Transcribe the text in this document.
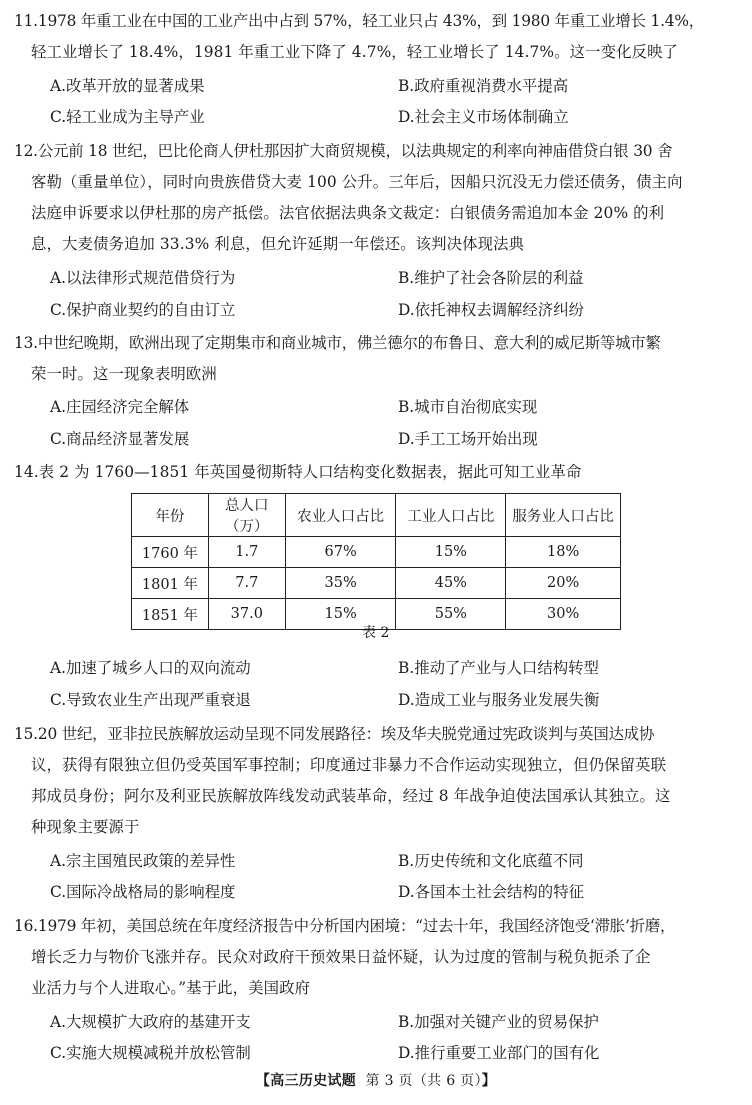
11.1978 年重工业在中国的工业产出中占到 57%，轻工业只占 43%，到 1980 年重工业增长 1.4%，
轻工业增长了 18.4%，1981 年重工业下降了 4.7%，轻工业增长了 14.7%。这一变化反映了
A.改革开放的显著成果	B.政府重视消费水平提高
C.轻工业成为主导产业	D.社会主义市场体制确立
12.公元前 18 世纪，巴比伦商人伊杜那因扩大商贸规模，以法典规定的利率向神庙借贷白银 30 舍
客勒（重量单位），同时向贵族借贷大麦 100 公升。三年后，因船只沉没无力偿还债务，债主向
法庭申诉要求以伊杜那的房产抵偿。法官依据法典条文裁定：白银债务需追加本金 20% 的利
息，大麦债务追加 33.3% 利息，但允许延期一年偿还。该判决体现法典
A.以法律形式规范借贷行为	B.维护了社会各阶层的利益
C.保护商业契约的自由订立	D.依托神权去调解经济纠纷
13.中世纪晚期，欧洲出现了定期集市和商业城市，佛兰德尔的布鲁日、意大利的威尼斯等城市繁
荣一时。这一现象表明欧洲
A.庄园经济完全解体	B.城市自治彻底实现
C.商品经济显著发展	D.手工工场开始出现
14.表 2 为 1760—1851 年英国曼彻斯特人口结构变化数据表，据此可知工业革命
年份	总人口（万）	农业人口占比	工业人口占比	服务业人口占比
1760 年	1.7	67%	15%	18%
1801 年	7.7	35%	45%	20%
1851 年	37.0	15%	55%	30%
表 2
A.加速了城乡人口的双向流动	B.推动了产业与人口结构转型
C.导致农业生产出现严重衰退	D.造成工业与服务业发展失衡
15.20 世纪，亚非拉民族解放运动呈现不同发展路径：埃及华夫脱党通过宪政谈判与英国达成协
议，获得有限独立但仍受英国军事控制；印度通过非暴力不合作运动实现独立，但仍保留英联
邦成员身份；阿尔及利亚民族解放阵线发动武装革命，经过 8 年战争迫使法国承认其独立。这
种现象主要源于
A.宗主国殖民政策的差异性	B.历史传统和文化底蕴不同
C.国际冷战格局的影响程度	D.各国本土社会结构的特征
16.1979 年初，美国总统在年度经济报告中分析国内困境：“过去十年，我国经济饱受‘滞胀’折磨，
增长乏力与物价飞涨并存。民众对政府干预效果日益怀疑，认为过度的管制与税负扼杀了企
业活力与个人进取心。”基于此，美国政府
A.大规模扩大政府的基建开支	B.加强对关键产业的贸易保护
C.实施大规模减税并放松管制	D.推行重要工业部门的国有化
【高三历史试题 第 3 页（共 6 页）】
